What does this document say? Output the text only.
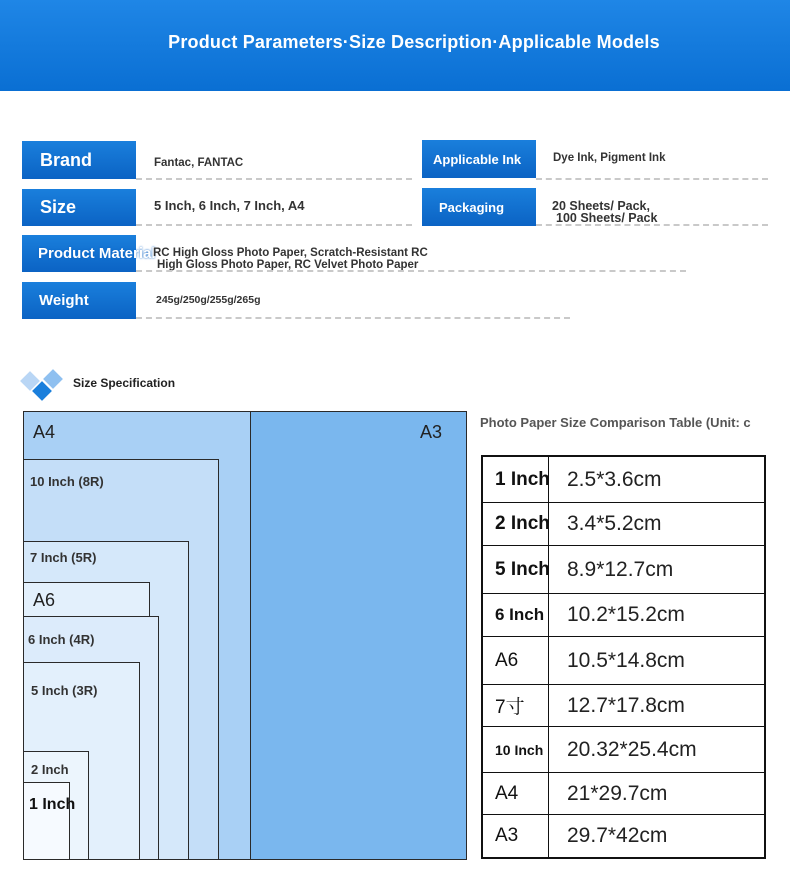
Product Parameters·Size Description·Applicable Models
Brand	Fantac, FANTAC
Size	5 Inch, 6 Inch, 7 Inch, A4
Product Material
RC High Gloss Photo Paper, Scratch-Resistant RC
High Gloss Photo Paper, RC Velvet Photo Paper
Weight	245g/250g/255g/265g
Applicable Ink	Dye Ink, Pigment Ink
Packaging	20 Sheets/ Pack,
100 Sheets/ Pack
Size Specification
A3
A4
10 Inch (8R)
7 Inch (5R)
A6
6 Inch (4R)
5 Inch (3R)
2 Inch
1 Inch
Photo Paper Size Comparison Table (Unit: c
1 Inch 2.5*3.6cm
2 Inch 3.4*5.2cm
5 Inch 8.9*12.7cm
6 Inch 10.2*15.2cm
A6 10.5*14.8cm
7寸 12.7*17.8cm
10 Inch 20.32*25.4cm
A4 21*29.7cm
A3 29.7*42cm
